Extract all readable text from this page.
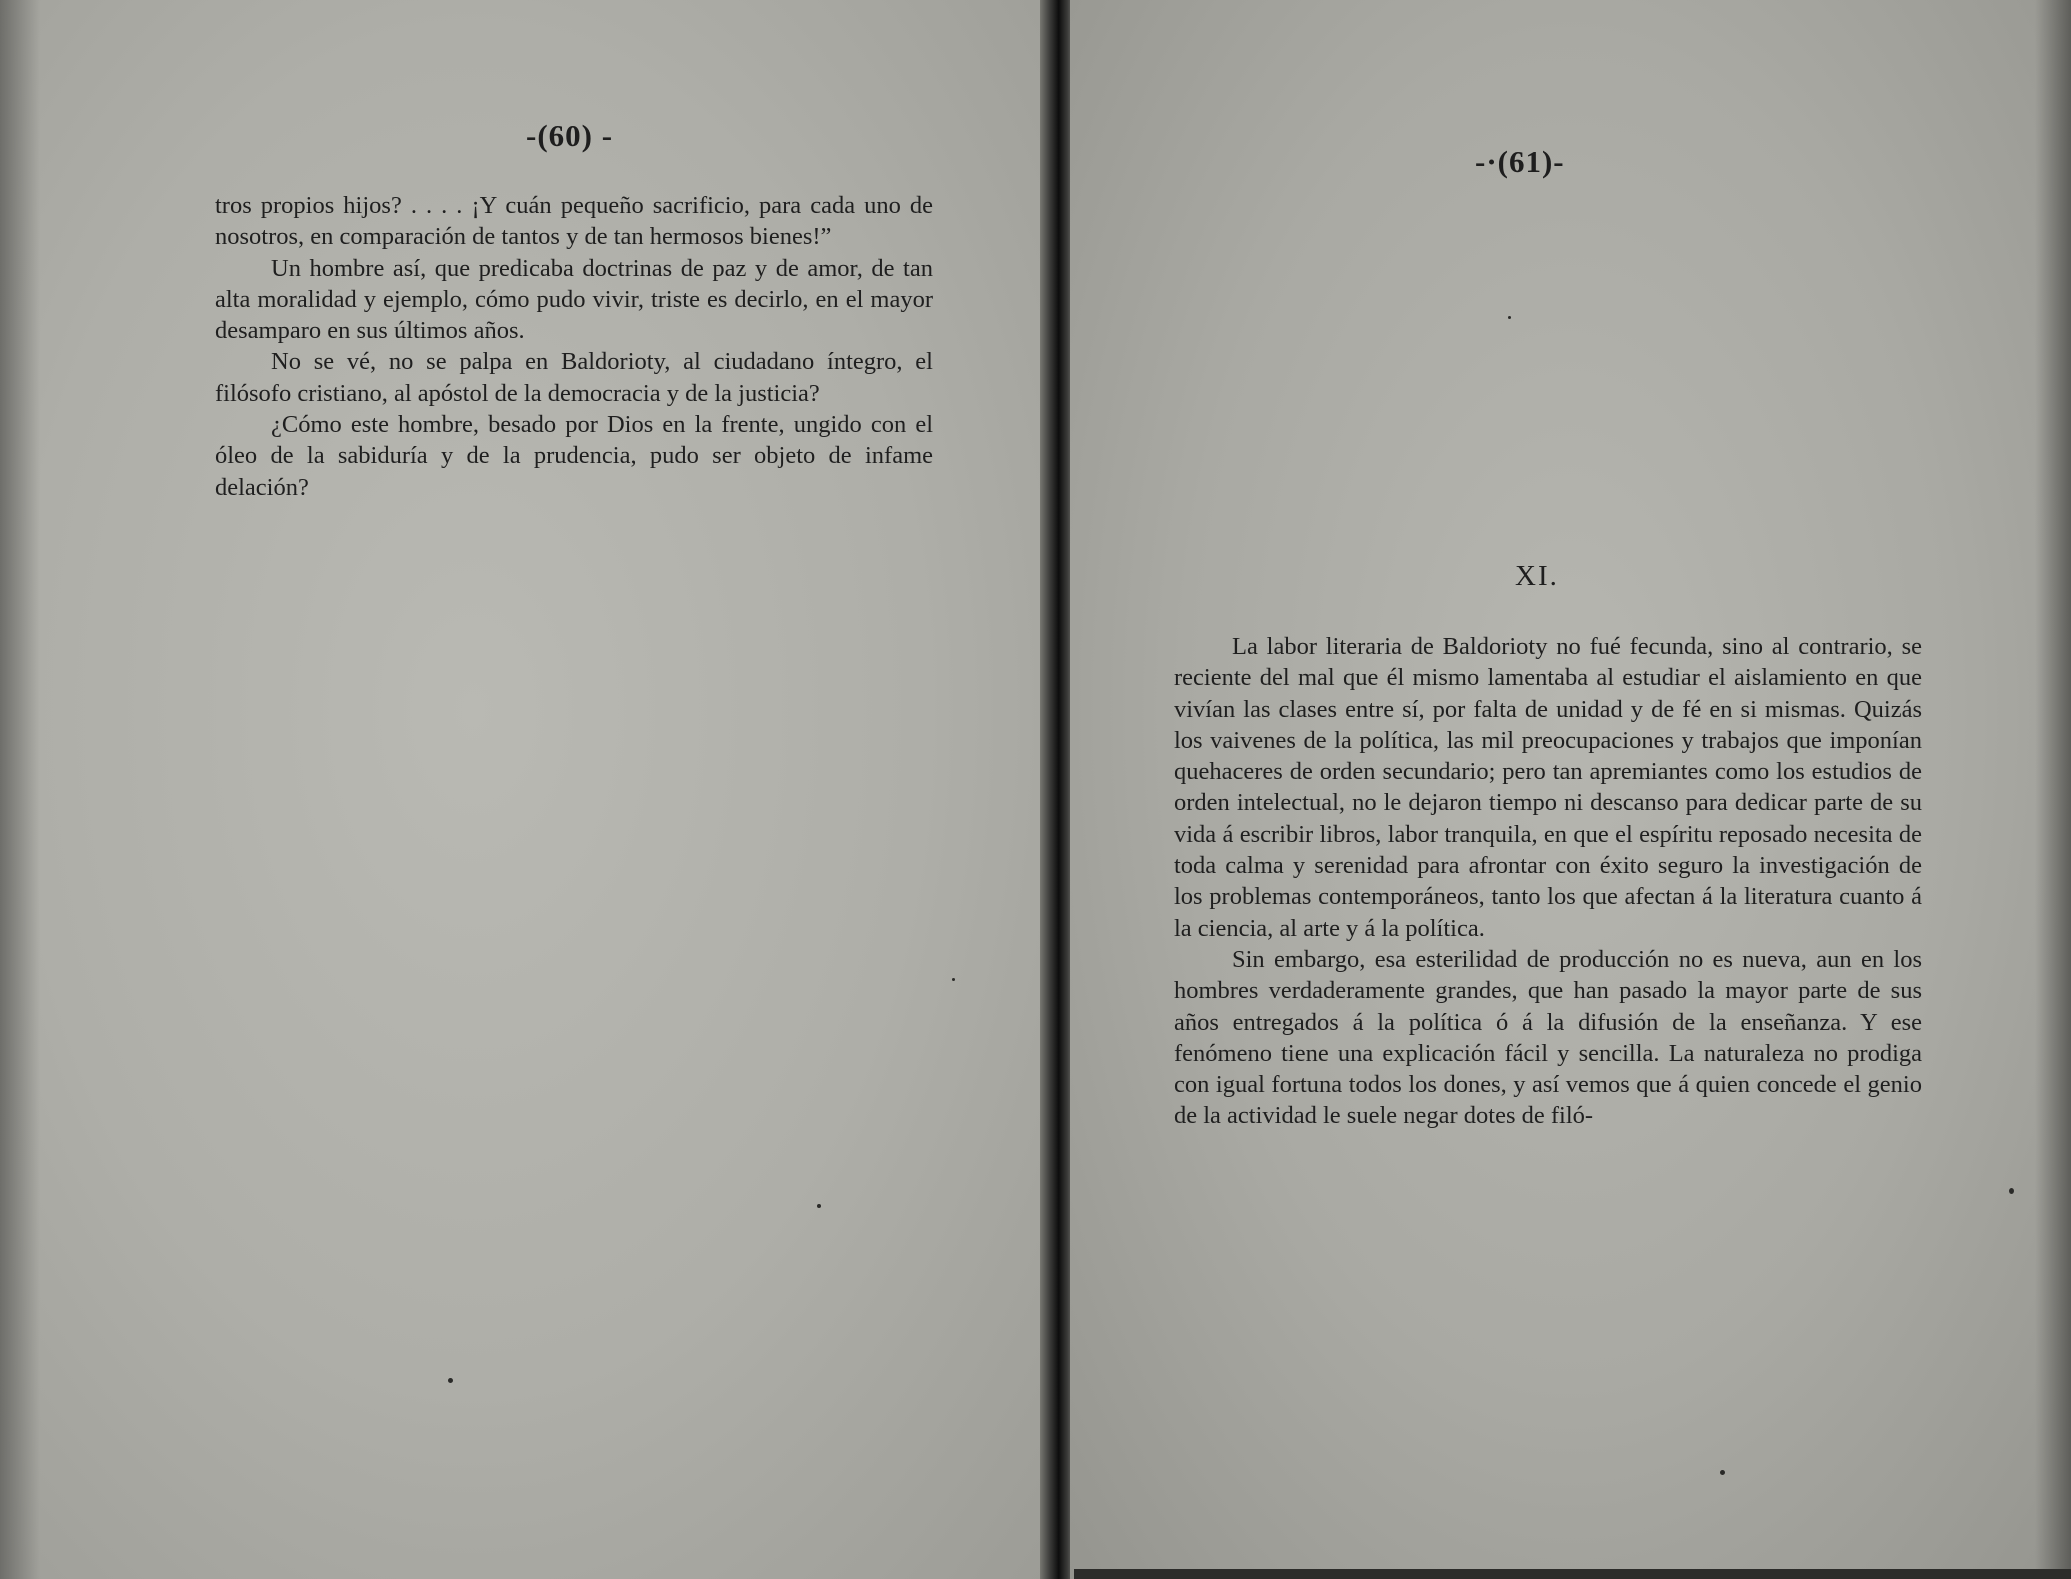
-(60) -

tros propios hijos? . . . . ¡Y cuán pequeño sacrificio, para cada uno de nosotros, en comparación de tantos y de tan hermosos bienes!”

Un hombre así, que predicaba doctrinas de paz y de amor, de tan alta moralidad y ejemplo, cómo pudo vivir, triste es decirlo, en el mayor desamparo en sus últimos años.

No se vé, no se palpa en Baldorioty, al ciudadano íntegro, el filósofo cristiano, al apóstol de la democracia y de la justicia?

¿Cómo este hombre, besado por Dios en la frente, ungido con el óleo de la sabiduría y de la prudencia, pudo ser objeto de infame delación?

-·(61)-
XI.

La labor literaria de Baldorioty no fué fecunda, sino al contrario, se reciente del mal que él mismo lamentaba al estudiar el aislamiento en que vivían las clases entre sí, por falta de unidad y de fé en si mismas. Quizás los vaivenes de la política, las mil preocupaciones y trabajos que imponían quehaceres de orden secundario; pero tan apremiantes como los estudios de orden intelectual, no le dejaron tiempo ni descanso para dedicar parte de su vida á escribir libros, labor tranquila, en que el espíritu reposado necesita de toda calma y serenidad para afrontar con éxito seguro la investigación de los problemas contemporáneos, tanto los que afectan á la literatura cuanto á la ciencia, al arte y á la política.

Sin embargo, esa esterilidad de producción no es nueva, aun en los hombres verdaderamente grandes, que han pasado la mayor parte de sus años entregados á la política ó á la difusión de la enseñanza. Y ese fenómeno tiene una explicación fácil y sencilla. La naturaleza no prodiga con igual fortuna todos los dones, y así vemos que á quien concede el genio de la actividad le suele negar dotes de filó-
